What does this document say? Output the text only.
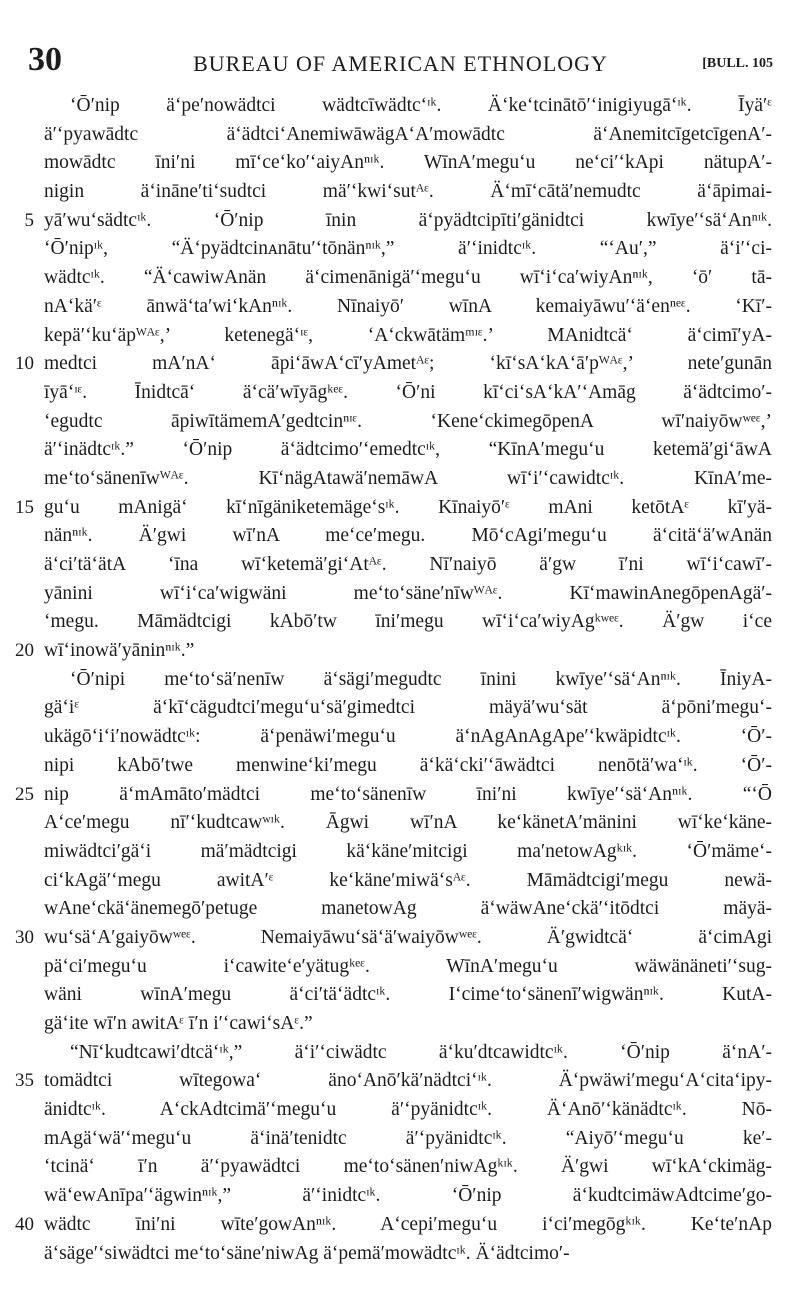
30	BUREAU OF AMERICAN ETHNOLOGY	[BULL. 105
ʻŌ′nip äʻpe′nowädtci wädtcīwädtcʻᶦᵏ. Äʻkeʻtcinātō′ʻinigiyugāʻᶦᵏ. Īyä′ᵋ
ä′ʻpyawādtc äʻädtciʻAnemiwāwägAʻA′mowādtc äʻAnemitcīgetcīgenA′-
mowādtc īni′ni mīʻceʻko′ʻaiyAnⁿᶦᵏ. WīnA′meguʻu neʻci′ʻkApi nätupA′-
nigin äʻināne′tiʻsudtci mä′ʻkwiʻsutᴬᵋ. Äʻmīʻcātä′nemudtc äʻāpimai-
5 yā′wuʻsädtcᶦᵏ. ʻŌ′nip īnin äʻpyädtcipīti′gänidtci kwīye′ʻsäʻAnⁿᶦᵏ.
ʻŌ′nipᶦᵏ, “Äʻpyädtcinᴀnātu′ʻtōnänⁿᶦᵏ,” ä′ʻinidtcᶦᵏ. “ʻAu′,” äʻi′ʻci-
wädtcᶦᵏ. “ÄʻcawiwAnän äʻcimenānigä′ʻmeguʻu wīʻiʻca′wiyAnⁿᶦᵏ, ʻō′ tā-
nAʻkä′ᵋ ānwäʻta′wiʻkAnⁿᶦᵏ. Nīnaiyō′ wīnA kemaiyāwu′ʻäʻenⁿᵉᵋ. ʻKī′-
kepä′ʻkuʻäpᵂᴬᵋ,’ ketenegäʻᶦᵋ, ʻAʻckwātämᵐᶦᵋ.’ MAnidtcäʻ äʻcimī′yA-
10 medtci mA′nAʻ āpiʻāwAʻcī′yAmetᴬᵋ; ʻkīʻsAʻkAʻā′pᵂᴬᵋ,’ nete′gunān
īyāʻᶦᵋ. Īnidtcāʻ äʻcä′wīyāgᵏᵉᵋ. ʻŌ′ni kīʻciʻsAʻkA′ʻAmāg äʻädtcimo′-
ʻegudtc āpiwītämemA′gedtcinⁿᶦᵋ. ʻKeneʻckimegōpenA wī′naiyōwʷᵉᵋ,’
ä′ʻinädtcᶦᵏ.” ʻŌ′nip äʻädtcimo′ʻemedtcᶦᵏ, “KīnA′meguʻu ketemä′giʻāwA
meʻtoʻsänenīwᵂᴬᵋ. KīʻnägAtawä′nemāwA wīʻi′ʻcawidtcᶦᵏ. KīnA′me-
15 guʻu mAnigäʻ kīʻnīgäniketemägeʻsᶦᵏ. Kīnaiyō′ᵋ mAni ketōtAᵋ kī′yä-
nänⁿᶦᵏ. Ä′gwi wī′nA meʻce′megu. MōʻcAgi′meguʻu äʻcitäʻä′wAnän
äʻci′täʻätA ʻīna wīʻketemä′giʻAtᴬᵋ. Nī′naiyō ä′gw ī′ni wīʻiʻcawī′-
yānini wīʻiʻca′wigwäni meʻtoʻsäne′nīwᵂᴬᵋ. KīʻmawinAnegōpenAgä′-
ʻmegu. Māmädtcigi kAbō′tw īni′megu wīʻiʻca′wiyAgᵏʷᵉᵋ. Ä′gw iʻce
20 wīʻinowä′yāninⁿᶦᵏ.”
ʻŌ′nipi meʻtoʻsä′nenīw äʻsägi′megudtc īnini kwīye′ʻsäʻAnⁿᶦᵏ. ĪniyA-
gäʻiᵋ äʻkīʻcägudtci′meguʻuʻsä′gimedtci mäyä′wuʻsät äʻpōni′meguʻ-
ukägōʻiʻi′nowädtcᶦᵏ: äʻpenäwi′meguʻu äʻnAgAnAgApe′ʻkwäpidtcᶦᵏ. ʻŌ′-
nipi kAbō′twe menwineʻki′megu äʻkäʻcki′ʻāwädtci nenōtä′waʻᶦᵏ. ʻŌ′-
25 nip äʻmAmāto′mädtci meʻtoʻsänenīw īni′ni kwīye′ʻsäʻAnⁿᶦᵏ. “ʻŌ
Aʻce′megu nī′ʻkudtcawʷᶦᵏ. Āgwi wī′nA keʻkänetA′mänini wīʻkeʻkäne-
miwädtci′gäʻi mä′mädtcigi käʻkäne′mitcigi ma′netowAgᵏᶦᵏ. ʻŌ′mämeʻ-
ciʻkAgä′ʻmegu awitA′ᵋ keʻkäne′miwäʻsᴬᵋ. Māmädtcigi′megu newä-
wAneʻckäʻänemegō′petuge manetowAg äʻwäwAneʻckä′ʻitōdtci mäyä-
30 wuʻsäʻA′gaiyōwʷᵉᵋ. Nemaiyāwuʻsäʻä′waiyōwʷᵉᵋ. Ä′gwidtcäʻ äʻcimAgi
päʻci′meguʻu iʻcawiteʻe′yätugᵏᵉᵋ. WīnA′meguʻu wäwänäneti′ʻsug-
wäni wīnA′megu äʻci′täʻädtcᶦᵏ. Iʻcimeʻtoʻsänenī′wigwänⁿᶦᵏ. KutA-
gäʻite wī′n awitAᵋ ī′n i′ʻcawiʻsAᵋ.”
“Nīʻkudtcawi′dtcäʻᶦᵏ,” äʻi′ʻciwädtc äʻku′dtcawidtcᶦᵏ. ʻŌ′nip äʻnA′-
35 tomädtci wītegowaʻ änoʻAnō′kä′nädtciʻᶦᵏ. Äʻpwäwi′meguʻAʻcitaʻipy-
änidtcᶦᵏ. AʻckAdtcimä′ʻmeguʻu ä′ʻpyänidtcᶦᵏ. ÄʻAnō′ʻkänädtcᶦᵏ. Nō-
mAgäʻwä′ʻmeguʻu äʻinä′tenidtc ä′ʻpyänidtcᶦᵏ. “Aiyō′ʻmeguʻu ke′-
ʻtcinäʻ ī′n ä′ʻpyawädtci meʻtoʻsänen′niwAgᵏᶦᵏ. Ä′gwi wīʻkAʻckimäg-
wäʻewAnīpa′ʻägwinⁿᶦᵏ,” ä′ʻinidtcᶦᵏ. ʻŌ′nip äʻkudtcimäwAdtcime′go-
40 wädtc īni′ni wīte′gowAnⁿᶦᵏ. Aʻcepi′meguʻu iʻci′megōgᵏᶦᵏ. Keʻte′nAp
äʻsäge′ʻsiwädtci meʻtoʻsäne′niwAg äʻpemä′mowädtcᶦᵏ. Äʻädtcimo′-
